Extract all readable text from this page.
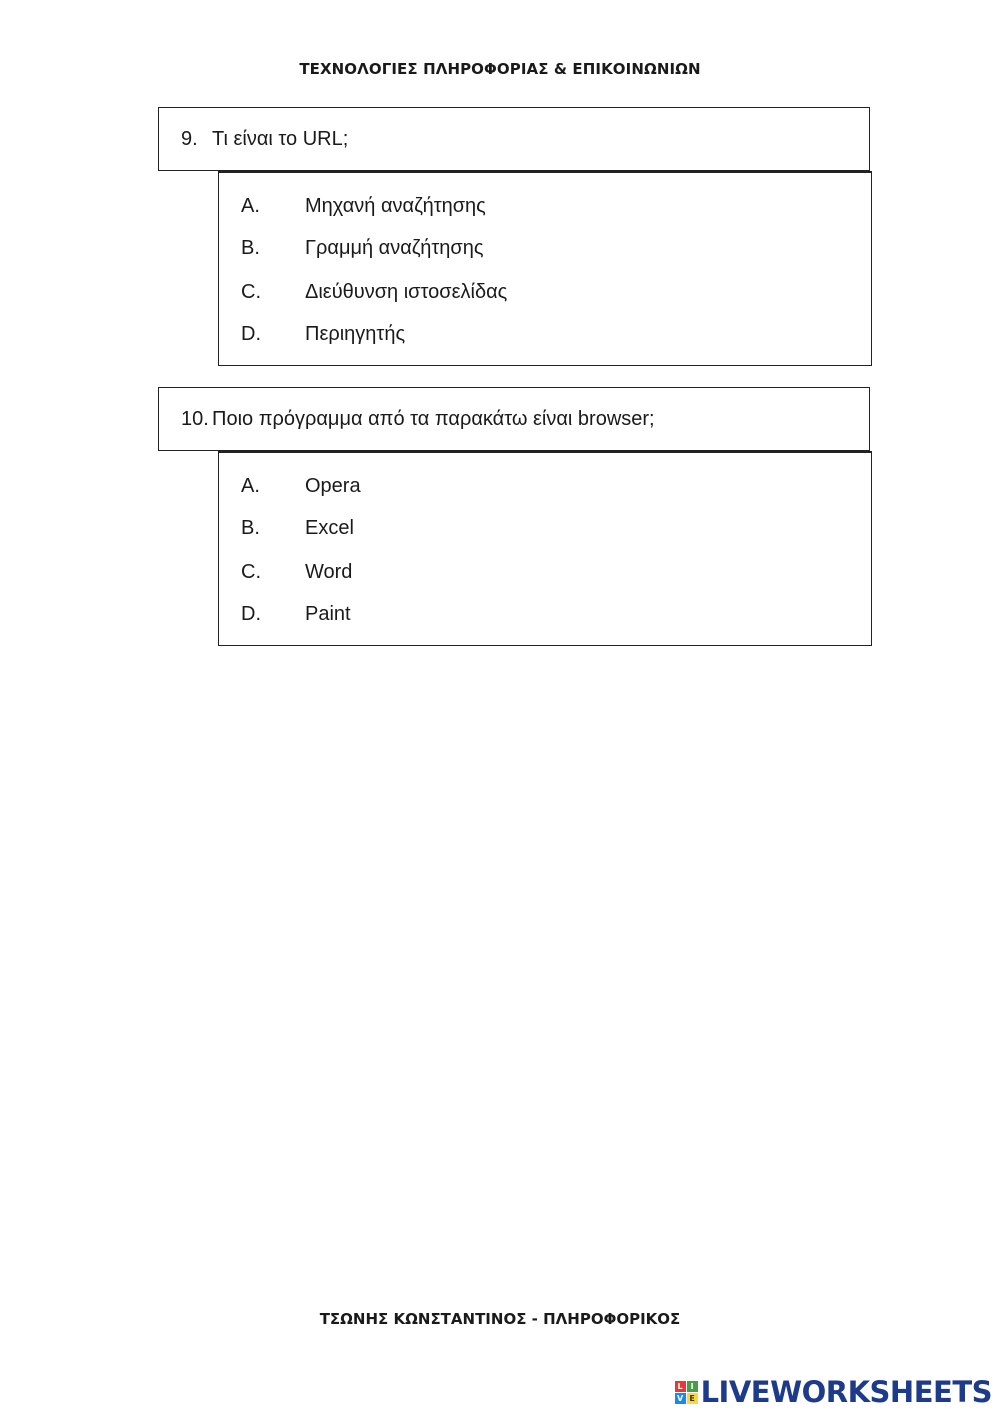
ΤΕΧΝΟΛΟΓΙΕΣ ΠΛΗΡΟΦΟΡΙΑΣ & ΕΠΙΚΟΙΝΩΝΙΩΝ
9. Τι είναι το URL;
A. Μηχανή αναζήτησης
B. Γραμμή αναζήτησης
C. Διεύθυνση ιστοσελίδας
D. Περιηγητής
10. Ποιο πρόγραμμα από τα παρακάτω είναι browser;
A. Opera
B. Excel
C. Word
D. Paint
ΤΣΩΝΗΣ ΚΩΝΣΤΑΝΤΙΝΟΣ - ΠΛΗΡΟΦΟΡΙΚΟΣ
L I
V E LIVEWORKSHEETS
